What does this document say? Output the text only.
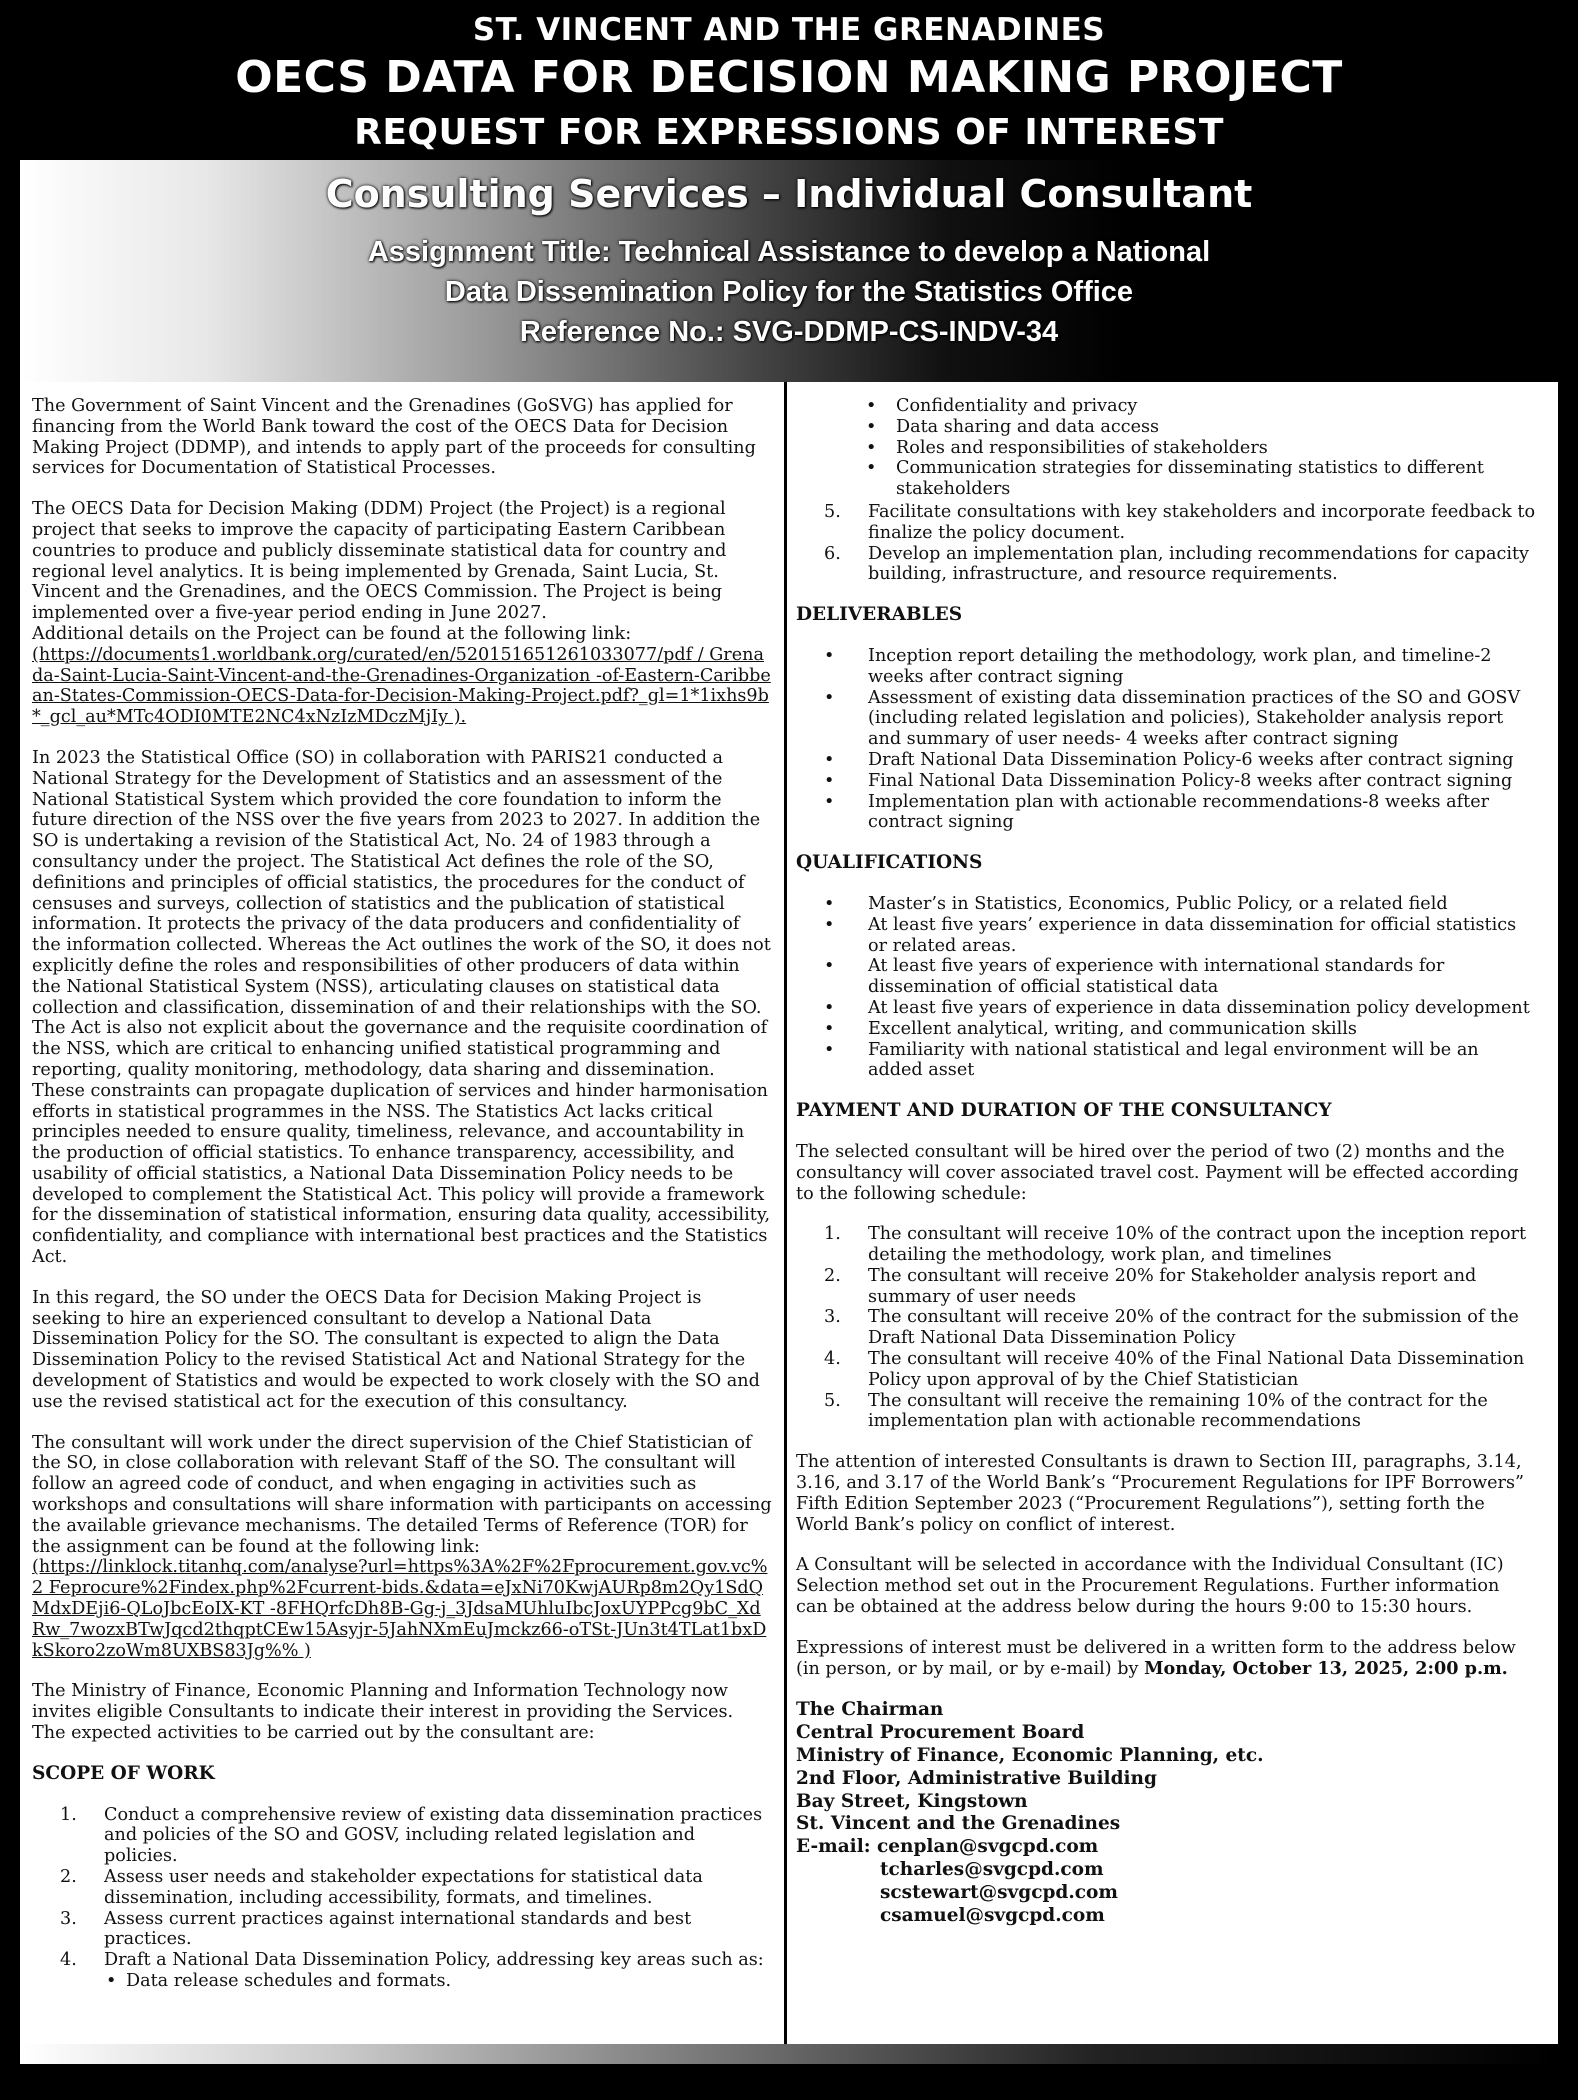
ST. VINCENT AND THE GRENADINES
OECS DATA FOR DECISION MAKING PROJECT
REQUEST FOR EXPRESSIONS OF INTEREST
Consulting Services – Individual Consultant
Assignment Title: Technical Assistance to develop a National
Data Dissemination Policy for the Statistics Office
Reference No.: SVG-DDMP-CS-INDV-34

The Government of Saint Vincent and the Grenadines (GoSVG) has applied for financing from the World Bank toward the cost of the OECS Data for Decision Making Project (DDMP), and intends to apply part of the proceeds for consulting services for Documentation of Statistical Processes.

The OECS Data for Decision Making (DDM) Project (the Project) is a regional project that seeks to improve the capacity of participating Eastern Caribbean countries to produce and publicly disseminate statistical data for country and regional level analytics. It is being implemented by Grenada, Saint Lucia, St. Vincent and the Grenadines, and the OECS Commission. The Project is being implemented over a five-year period ending in June 2027.
Additional details on the Project can be found at the following link:
(https://documents1.worldbank.org/curated/en/520151651261033077/pdf / Grenada-Saint-Lucia-Saint-Vincent-and-the-Grenadines-Organization -of-Eastern-Caribbean-States-Commission-OECS-Data-for-Decision-Making-Project.pdf?_gl=1*1ixhs9b*_gcl_au*MTc4ODI0MTE2NC4xNzIzMDczMjIy ).

In 2023 the Statistical Office (SO) in collaboration with PARIS21 conducted a National Strategy for the Development of Statistics and an assessment of the National Statistical System which provided the core foundation to inform the future direction of the NSS over the five years from 2023 to 2027. In addition the SO is undertaking a revision of the Statistical Act, No. 24 of 1983 through a consultancy under the project. The Statistical Act defines the role of the SO, definitions and principles of official statistics, the procedures for the conduct of censuses and surveys, collection of statistics and the publication of statistical information. It protects the privacy of the data producers and confidentiality of the information collected. Whereas the Act outlines the work of the SO, it does not explicitly define the roles and responsibilities of other producers of data within the National Statistical System (NSS), articulating clauses on statistical data collection and classification, dissemination of and their relationships with the SO. The Act is also not explicit about the governance and the requisite coordination of the NSS, which are critical to enhancing unified statistical programming and reporting, quality monitoring, methodology, data sharing and dissemination. These constraints can propagate duplication of services and hinder harmonisation efforts in statistical programmes in the NSS. The Statistics Act lacks critical principles needed to ensure quality, timeliness, relevance, and accountability in the production of official statistics. To enhance transparency, accessibility, and usability of official statistics, a National Data Dissemination Policy needs to be developed to complement the Statistical Act. This policy will provide a framework for the dissemination of statistical information, ensuring data quality, accessibility, confidentiality, and compliance with international best practices and the Statistics Act.

In this regard, the SO under the OECS Data for Decision Making Project is seeking to hire an experienced consultant to develop a National Data Dissemination Policy for the SO. The consultant is expected to align the Data Dissemination Policy to the revised Statistical Act and National Strategy for the development of Statistics and would be expected to work closely with the SO and use the revised statistical act for the execution of this consultancy.

The consultant will work under the direct supervision of the Chief Statistician of the SO, in close collaboration with relevant Staff of the SO. The consultant will follow an agreed code of conduct, and when engaging in activities such as workshops and consultations will share information with participants on accessing the available grievance mechanisms. The detailed Terms of Reference (TOR) for the assignment can be found at the following link:
(https://linklock.titanhq.com/analyse?url=https%3A%2F%2Fprocurement.gov.vc%2 Feprocure%2Findex.php%2Fcurrent-bids.&data=eJxNi70KwjAURp8m2Qy1SdQMdxDEji6-QLoJbcEoIX-KT -8FHQrfcDh8B-Gg-j_3JdsaMUhluIbcJoxUYPPcg9bC_XdRw_7wozxBTwJqcd2thqptCEw15Asyjr-5JahNXmEuJmckz66-oTSt-JUn3t4TLat1bxDkSkoro2zoWm8UXBS83Jg%% )

The Ministry of Finance, Economic Planning and Information Technology now invites eligible Consultants to indicate their interest in providing the Services. The expected activities to be carried out by the consultant are:

SCOPE OF WORK
1.	Conduct a comprehensive review of existing data dissemination practices and policies of the SO and GOSV, including related legislation and policies.
2.	Assess user needs and stakeholder expectations for statistical data dissemination, including accessibility, formats, and timelines.
3.	Assess current practices against international standards and best practices.
4.	Draft a National Data Dissemination Policy, addressing key areas such as:
• Data release schedules and formats.
•	Confidentiality and privacy
•	Data sharing and data access
•	Roles and responsibilities of stakeholders
•	Communication strategies for disseminating statistics to different stakeholders
5.	Facilitate consultations with key stakeholders and incorporate feedback to finalize the policy document.
6.	Develop an implementation plan, including recommendations for capacity building, infrastructure, and resource requirements.
DELIVERABLES
•	Inception report detailing the methodology, work plan, and timeline-2 weeks after contract signing
•	Assessment of existing data dissemination practices of the SO and GOSV (including related legislation and policies), Stakeholder analysis report and summary of user needs- 4 weeks after contract signing
•	Draft National Data Dissemination Policy-6 weeks after contract signing
•	Final National Data Dissemination Policy-8 weeks after contract signing
•	Implementation plan with actionable recommendations-8 weeks after contract signing
QUALIFICATIONS
•	Master’s in Statistics, Economics, Public Policy, or a related field
•	At least five years’ experience in data dissemination for official statistics or related areas.
•	At least five years of experience with international standards for dissemination of official statistical data
•	At least five years of experience in data dissemination policy development
•	Excellent analytical, writing, and communication skills
•	Familiarity with national statistical and legal environment will be an added asset
PAYMENT AND DURATION OF THE CONSULTANCY

The selected consultant will be hired over the period of two (2) months and the consultancy will cover associated travel cost. Payment will be effected according to the following schedule:

1.	The consultant will receive 10% of the contract upon the inception report detailing the methodology, work plan, and timelines
2.	The consultant will receive 20% for Stakeholder analysis report and summary of user needs
3.	The consultant will receive 20% of the contract for the submission of the Draft National Data Dissemination Policy
4.	The consultant will receive 40% of the Final National Data Dissemination Policy upon approval of by the Chief Statistician
5.	The consultant will receive the remaining 10% of the contract for the implementation plan with actionable recommendations

The attention of interested Consultants is drawn to Section III, paragraphs, 3.14, 3.16, and 3.17 of the World Bank’s “Procurement Regulations for IPF Borrowers” Fifth Edition September 2023 (“Procurement Regulations”), setting forth the World Bank’s policy on conflict of interest.

A Consultant will be selected in accordance with the Individual Consultant (IC) Selection method set out in the Procurement Regulations. Further information can be obtained at the address below during the hours 9:00 to 15:30 hours.

Expressions of interest must be delivered in a written form to the address below (in person, or by mail, or by e-mail) by Monday, October 13, 2025, 2:00 p.m.

The Chairman
Central Procurement Board
Ministry of Finance, Economic Planning, etc.
2nd Floor, Administrative Building
Bay Street, Kingstown
St. Vincent and the Grenadines
E-mail: cenplan@svgcpd.com
tcharles@svgcpd.com
scstewart@svgcpd.com
csamuel@svgcpd.com
